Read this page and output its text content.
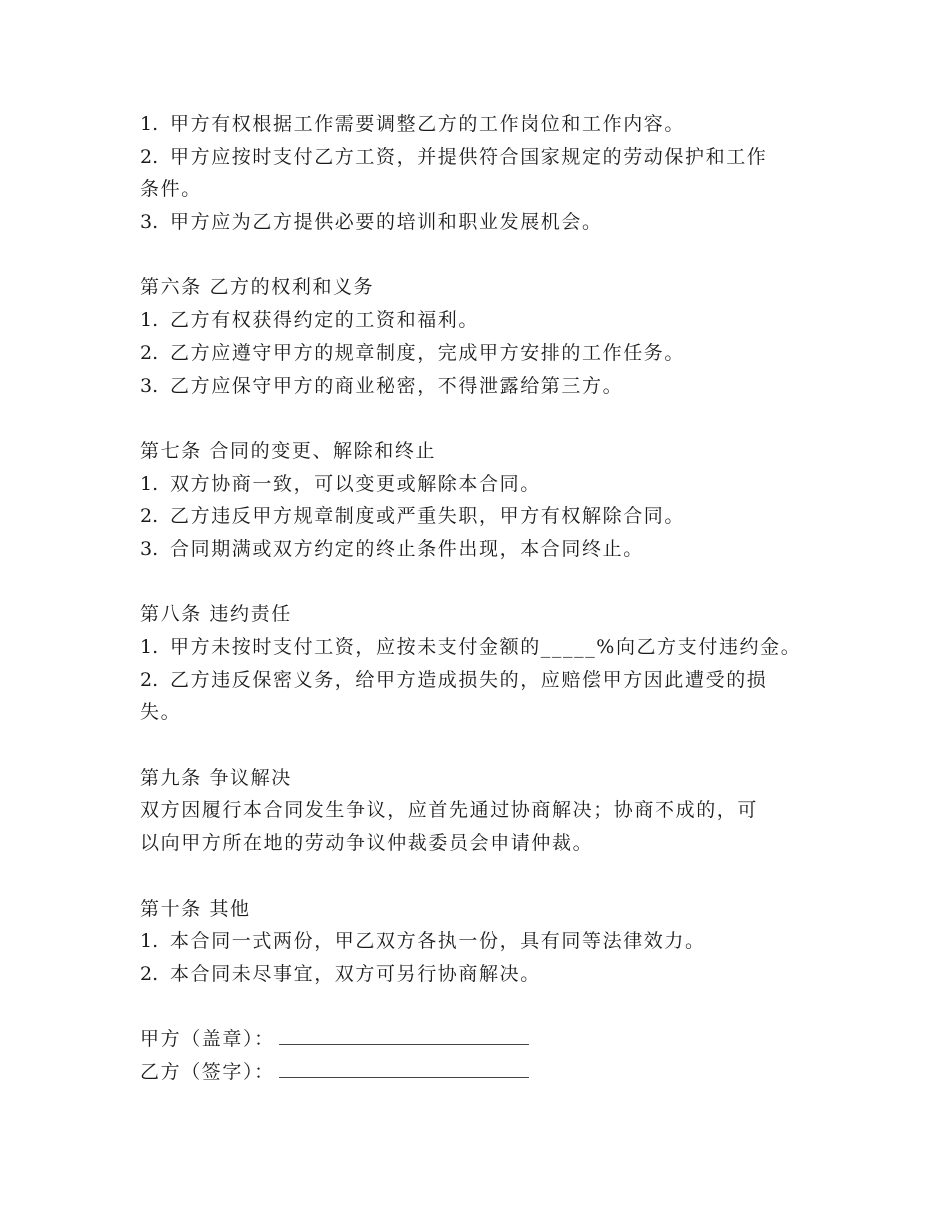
1. 甲方有权根据工作需要调整乙方的工作岗位和工作内容。
2. 甲方应按时支付乙方工资，并提供符合国家规定的劳动保护和工作
条件。
3. 甲方应为乙方提供必要的培训和职业发展机会。
第六条 乙方的权利和义务
1. 乙方有权获得约定的工资和福利。
2. 乙方应遵守甲方的规章制度，完成甲方安排的工作任务。
3. 乙方应保守甲方的商业秘密，不得泄露给第三方。
第七条 合同的变更、解除和终止
1. 双方协商一致，可以变更或解除本合同。
2. 乙方违反甲方规章制度或严重失职，甲方有权解除合同。
3. 合同期满或双方约定的终止条件出现，本合同终止。
第八条 违约责任
1. 甲方未按时支付工资，应按未支付金额的_____%向乙方支付违约金。
2. 乙方违反保密义务，给甲方造成损失的，应赔偿甲方因此遭受的损
失。
第九条 争议解决
双方因履行本合同发生争议，应首先通过协商解决；协商不成的，可
以向甲方所在地的劳动争议仲裁委员会申请仲裁。
第十条 其他
1. 本合同一式两份，甲乙双方各执一份，具有同等法律效力。
2. 本合同未尽事宜，双方可另行协商解决。
甲方（盖章）：
乙方（签字）：
